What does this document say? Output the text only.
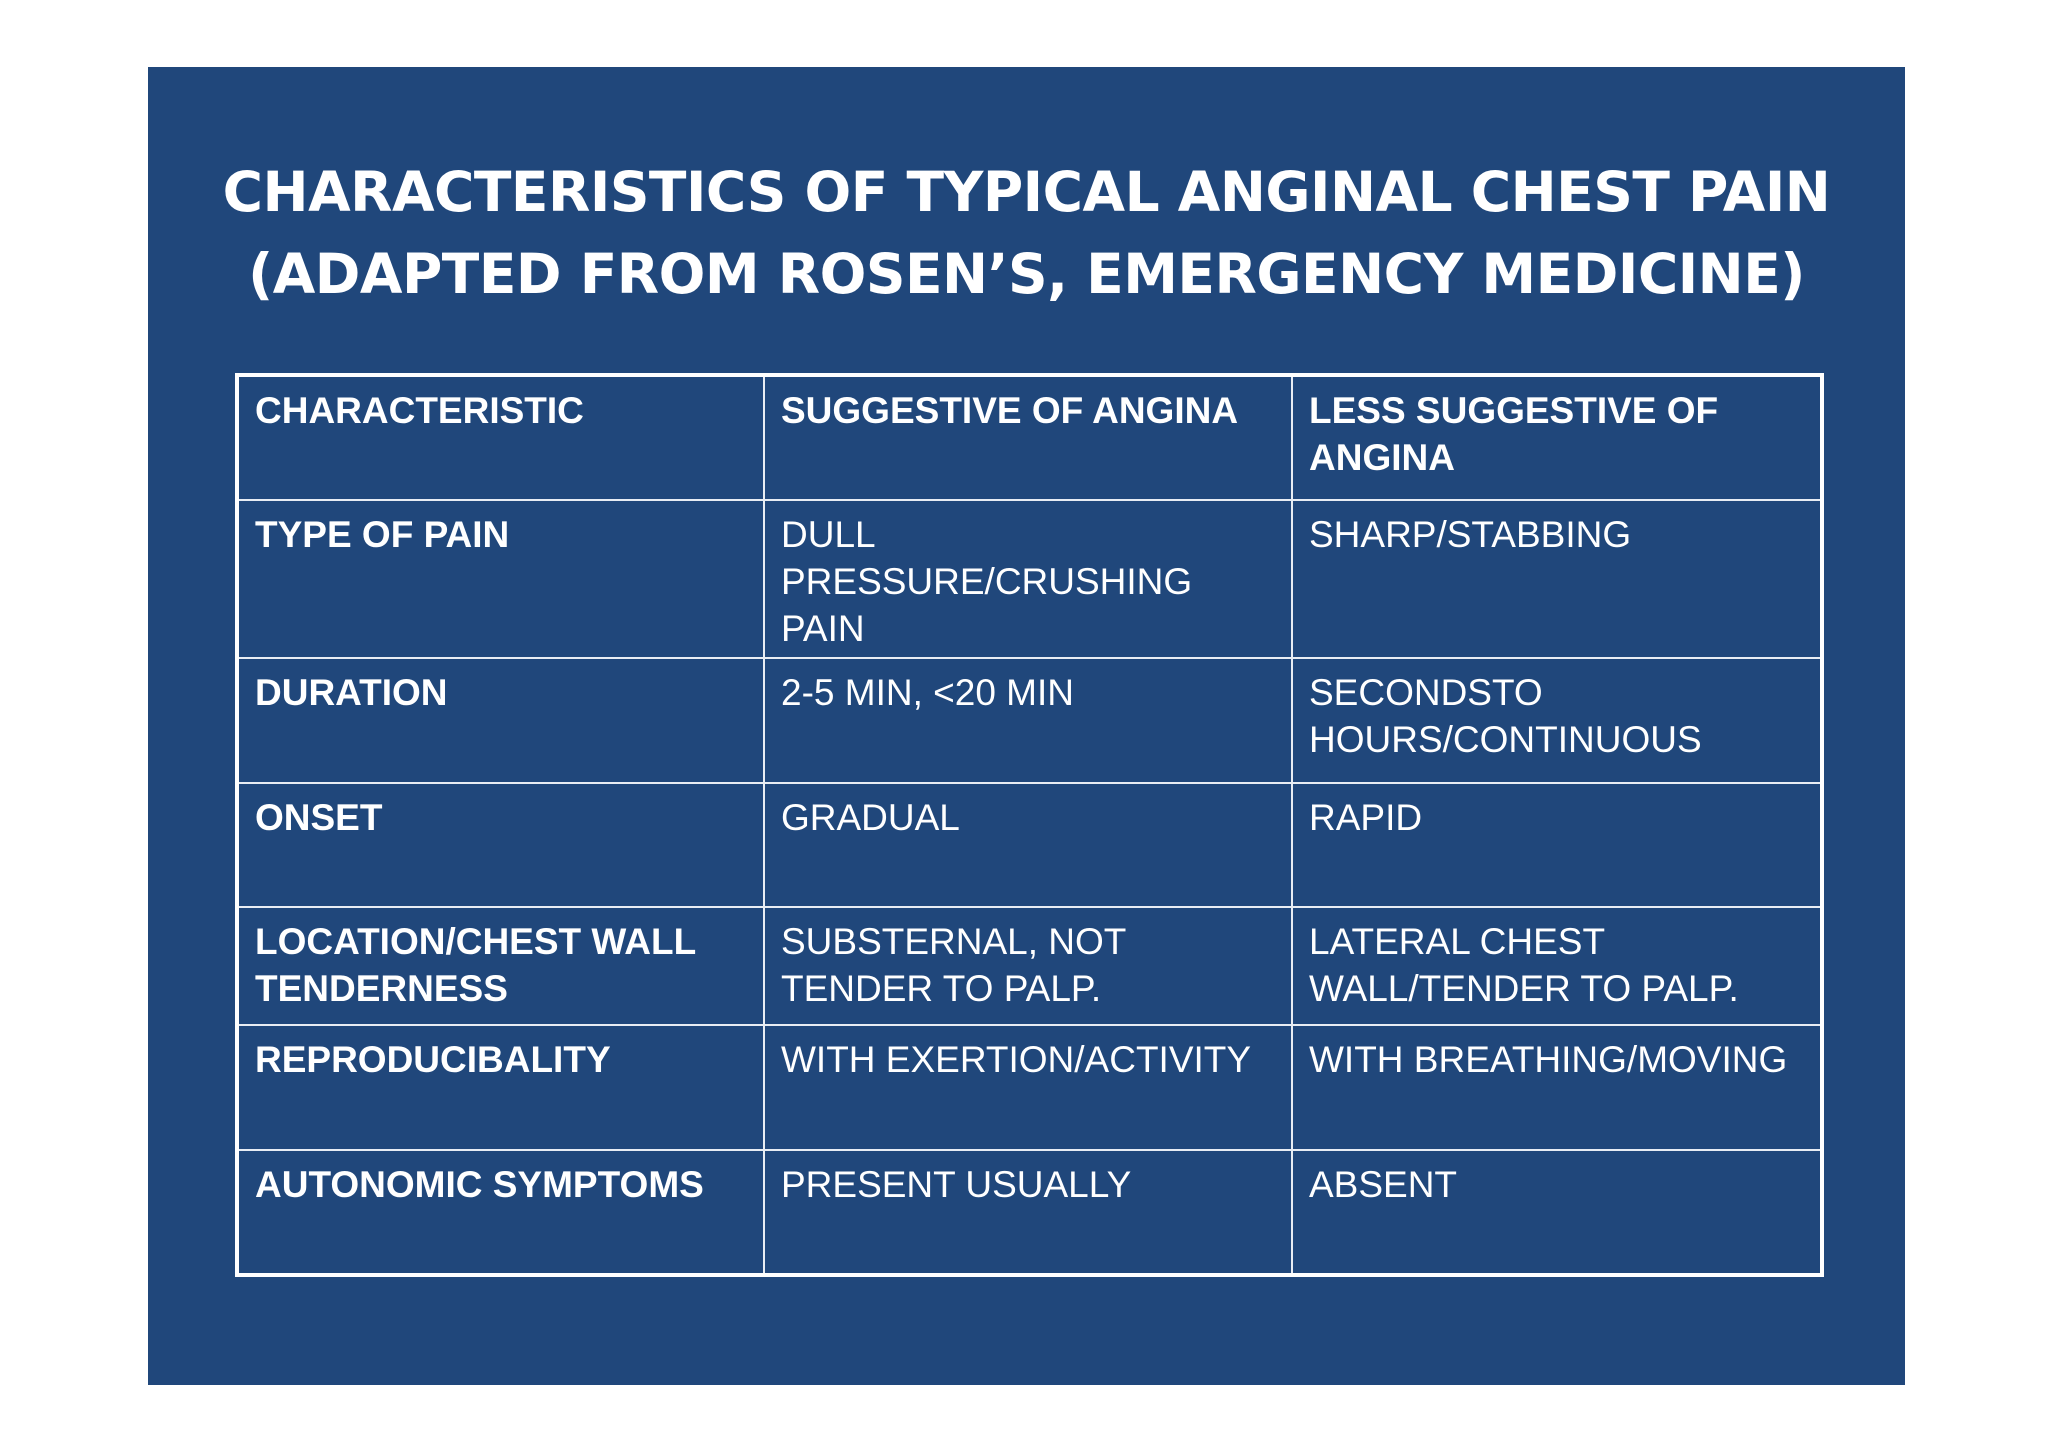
CHARACTERISTICS OF TYPICAL ANGINAL CHEST PAIN
(ADAPTED FROM ROSEN’S, EMERGENCY MEDICINE)
CHARACTERISTIC	SUGGESTIVE OF ANGINA	LESS SUGGESTIVE OF ANGINA
TYPE OF PAIN	DULL PRESSURE/CRUSHING PAIN	SHARP/STABBING
DURATION	2-5 MIN, <20 MIN	SECONDSTO HOURS/CONTINUOUS
ONSET	GRADUAL	RAPID
LOCATION/CHEST WALL TENDERNESS	SUBSTERNAL, NOT TENDER TO PALP.	LATERAL CHEST WALL/TENDER TO PALP.
REPRODUCIBALITY	WITH EXERTION/ACTIVITY	WITH BREATHING/MOVING
AUTONOMIC SYMPTOMS	PRESENT USUALLY	ABSENT
